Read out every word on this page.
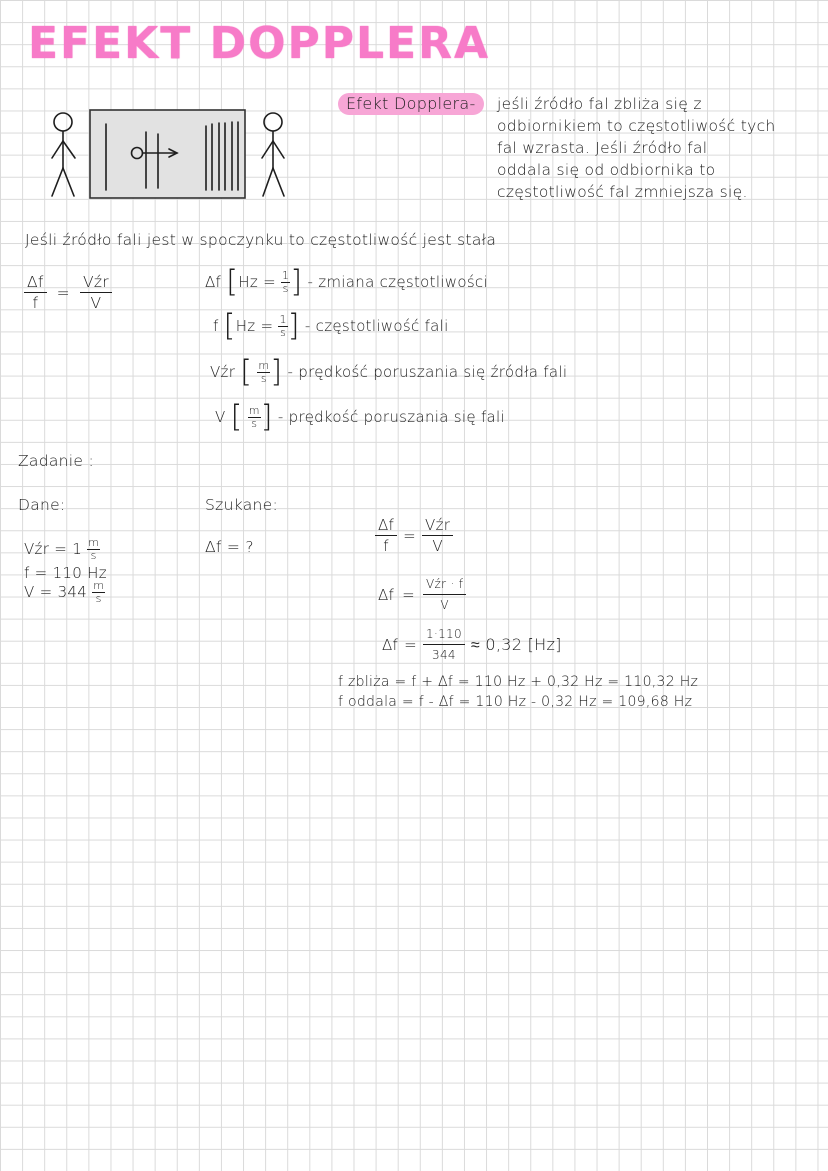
EFEKT DOPPLERA
Efekt Dopplera-	jeśli źródło fal zbliża się z
odbiornikiem to częstotliwość tych
fal wzrasta. Jeśli źródło fal
oddala się od odbiornika to
częstotliwość fal zmniejsza się.
Jeśli źródło fali jest w spoczynku to częstotliwość jest stała
$\frac{\Delta f}{f} = \frac{\text{Vźr}}{V}$	Δf [$Hz = \frac{1}{s}$ ] - zmiana częstotliwości
f [$Hz = \frac{1}{s}$ ] - częstotliwość fali
Vźr [ $\frac{m}{s}$ ] - prędkość poruszania się źródła fali
V [ $\frac{m}{s}$ ] - prędkość poruszania się fali
Zadanie :
Dane:	Szukane:
Vźr = $1 \frac{m}{s}$
f = 110 Hz
$V = 344 \frac{m}{s}$
Δf = ?	$\frac{\Delta f}{f} = \frac{\text{Vźr}}{V}$
$\Delta f = \frac{\text{Vźr · f}}{V}$
$\Delta f = \frac{1\cdot 110}{344} \approx 0,32$ [Hz]
f zbliża = f + Δf = 110 Hz + 0,32 Hz = 110,32 Hz
f oddala = f - Δf = 110 Hz - 0,32 Hz = 109,68 Hz
